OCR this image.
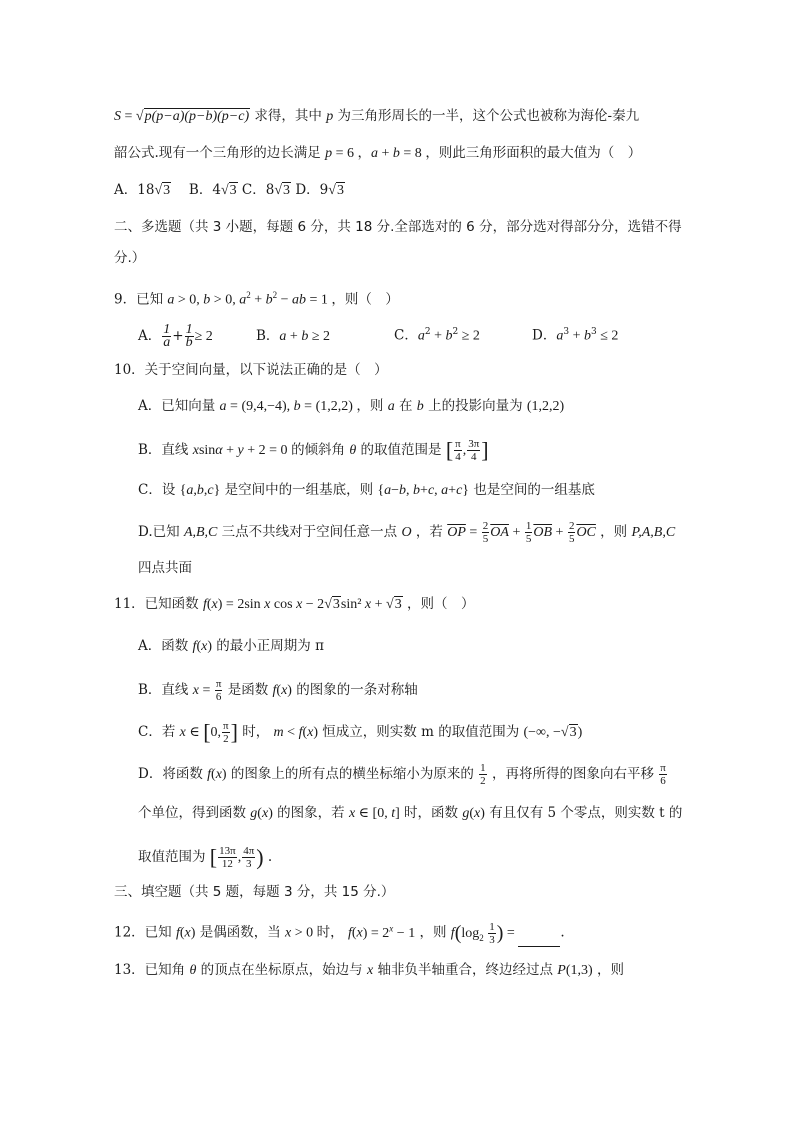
S = √p(p−a)(p−b)(p−c) 求得，其中 p 为三角形周长的一半，这个公式也被称为海伦-秦九
韶公式.现有一个三角形的边长满足 p = 6 ，a + b = 8 ，则此三角形面积的最大值为（　）
A．18√3　 B．4√3 C．8√3 D．9√3
二、多选题（共 3 小题，每题 6 分，共 18 分.全部选对的 6 分，部分选对得部分分，选错不得
分.）
9．已知 a > 0, b > 0, $a^2 + b^2$ − ab = 1 ，则（　）
A． $\frac{1}{a} + \frac{1}{b} \ge 2$	B．a + b ≥ 2	C．$a^2 + b^2 \ge 2$	D．$a^3 + b^3 \le 2$
10．关于空间向量，以下说法正确的是（　）
A．已知向量 a = (9,4,−4), b = (1,2,2) ，则 a 在 b 上的投影向量为 (1,2,2)
B．直线 xsinα + y + 2 = 0 的倾斜角 θ 的取值范围是 [ $\frac{\pi}{4}$ , $\frac{3\pi}{4}$ ]
C．设 {a,b,c} 是空间中的一组基底，则 {a−b, b+c, a+c} 也是空间的一组基底
D.已知 A,B,C 三点不共线对于空间任意一点 O ，若 $\overline{OP} = \frac{2}{5} \overline{OA} + \frac{1}{5} \overline{OB} + \frac{2}{5} \overline{OC}$ ，则 P,A,B,C
四点共面
11．已知函数 f(x) = 2sin x cos x − 2√3sin² x + √3 ，则（　）
A．函数 f(x) 的最小正周期为 π
B．直线 $x = \frac{\pi}{6}$ 是函数 f(x) 的图象的一条对称轴
C．若 x ∈ [0, $\frac{\pi}{2}$ ] 时， m < f(x) 恒成立，则实数 m 的取值范围为 (−∞, −√3)
D．将函数 f(x) 的图象上的所有点的横坐标缩小为原来的 $\frac{1}{2}$ ，再将所得的图象向右平移 $\frac{\pi}{6}$
个单位，得到函数 g(x) 的图象，若 x ∈ [0, t] 时，函数 g(x) 有且仅有 5 个零点，则实数 t 的
取值范围为 [ $\frac{13\pi}{12}$ , $\frac{4\pi}{3}$ ) .
三、填空题（共 5 题，每题 3 分，共 15 分.）
12．已知 f(x) 是偶函数，当 x > 0 时， $f(x) = 2^x - 1$ ，则 $f(\log_2 \frac{1}{3}$ ) =	.
13．已知角 θ 的顶点在坐标原点，始边与 x 轴非负半轴重合，终边经过点 P(1,3) ，则
